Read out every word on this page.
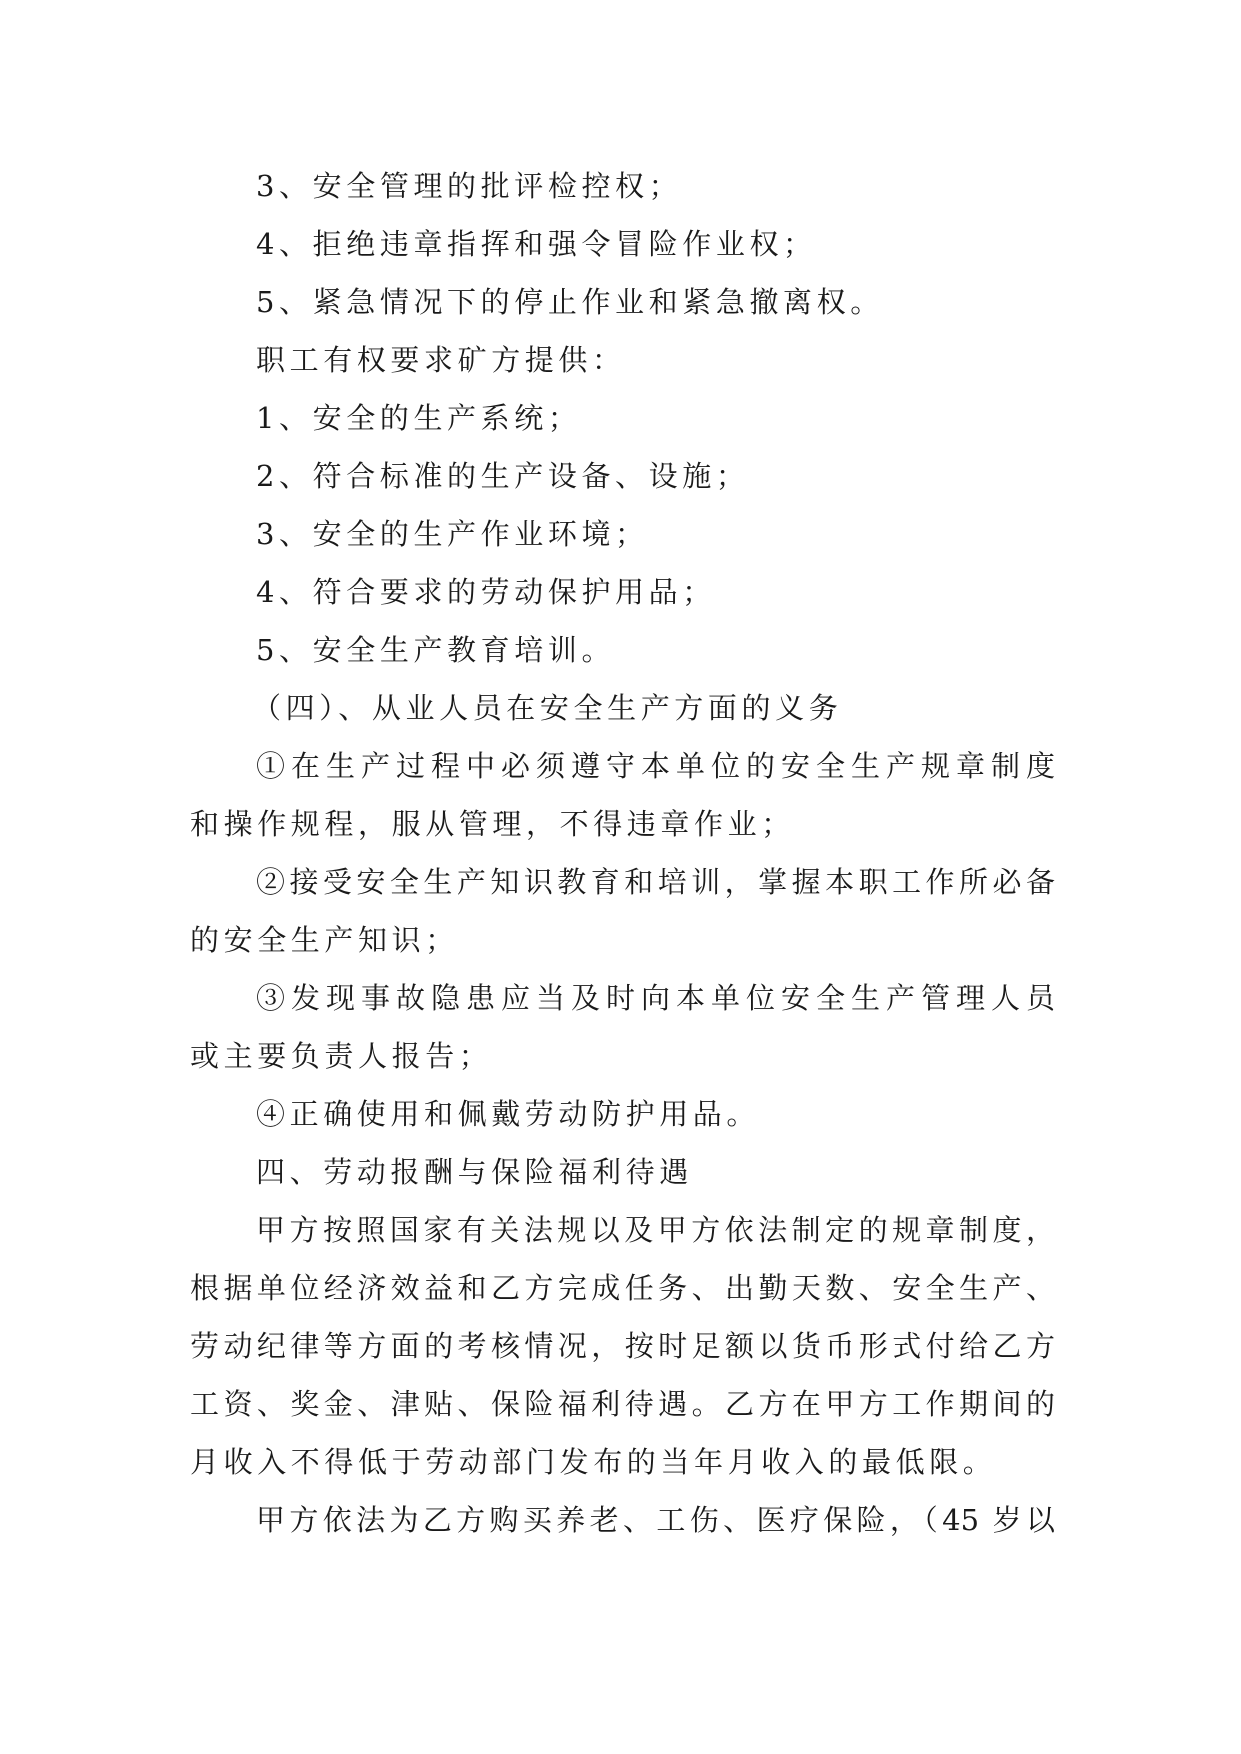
3、安全管理的批评检控权；
4、拒绝违章指挥和强令冒险作业权；
5、紧急情况下的停止作业和紧急撤离权。
职工有权要求矿方提供：
1、安全的生产系统；
2、符合标准的生产设备、设施；
3、安全的生产作业环境；
4、符合要求的劳动保护用品；
5、安全生产教育培训。
（四）、从业人员在安全生产方面的义务
①在生产过程中必须遵守本单位的安全生产规章制度
和操作规程，服从管理，不得违章作业；
②接受安全生产知识教育和培训，掌握本职工作所必备
的安全生产知识；
③发现事故隐患应当及时向本单位安全生产管理人员
或主要负责人报告；
④正确使用和佩戴劳动防护用品。
四、劳动报酬与保险福利待遇
甲方按照国家有关法规以及甲方依法制定的规章制度，
根据单位经济效益和乙方完成任务、出勤天数、安全生产、
劳动纪律等方面的考核情况，按时足额以货币形式付给乙方
工资、奖金、津贴、保险福利待遇。乙方在甲方工作期间的
月收入不得低于劳动部门发布的当年月收入的最低限。
甲方依法为乙方购买养老、工伤、医疗保险，（45 岁以
